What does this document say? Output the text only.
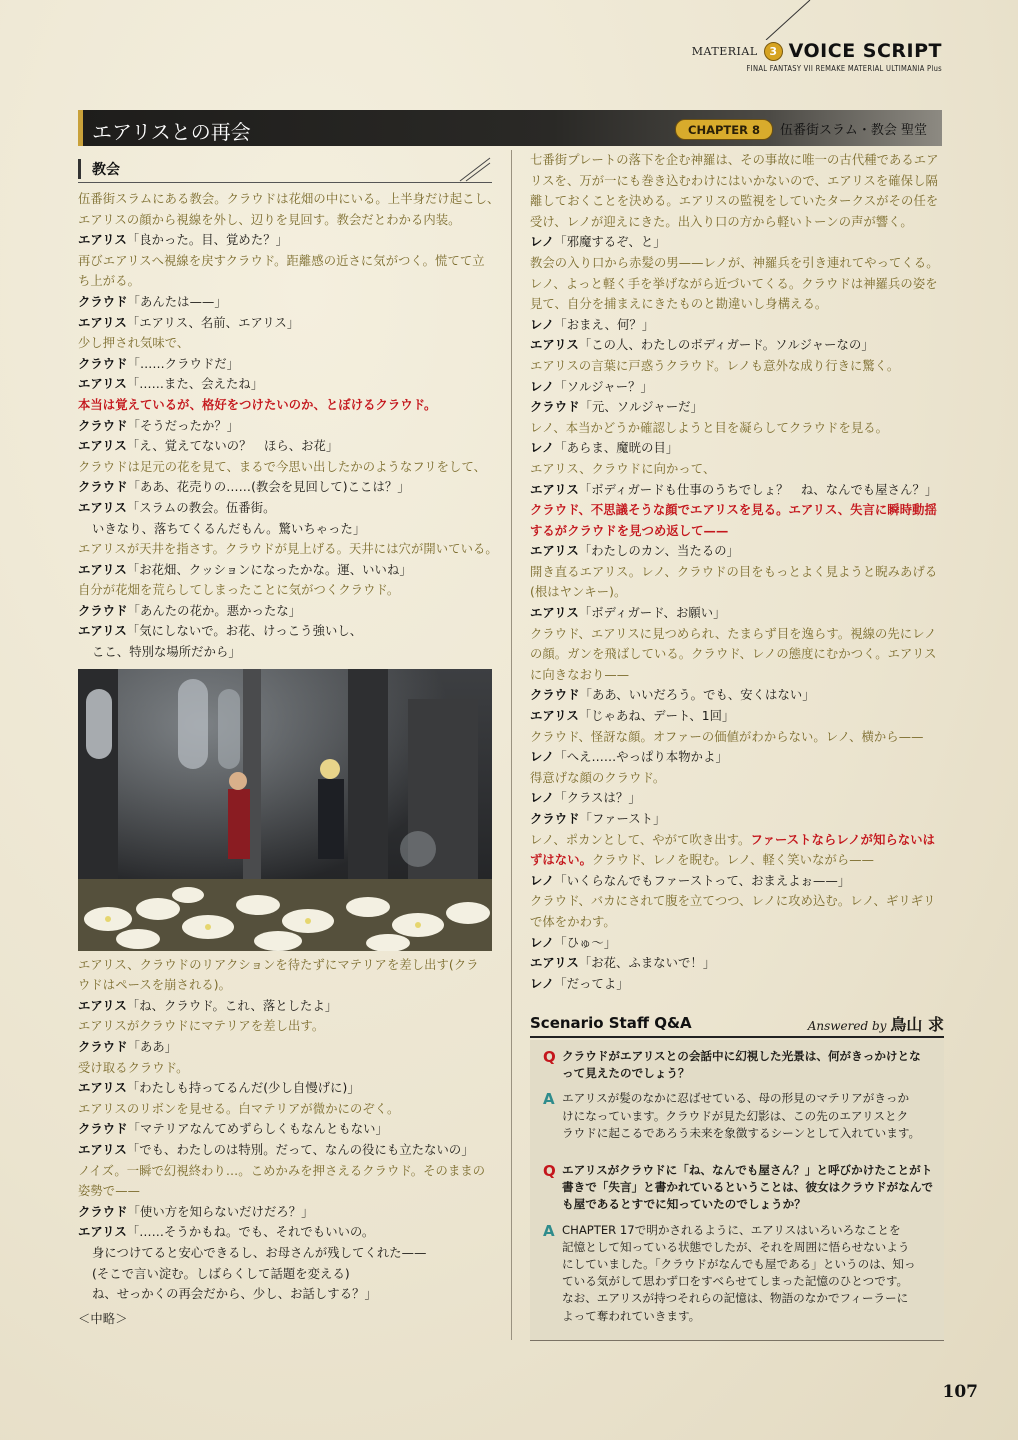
MATERIAL	3 VOICE SCRIPT
FINAL FANTASY VII REMAKE MATERIAL ULTIMANIA Plus
エアリスとの再会	CHAPTER 8	伍番街スラム・教会 聖堂
教会
伍番街スラムにある教会。クラウドは花畑の中にいる。上半身だけ起こし、
エアリスの顔から視線を外し、辺りを見回す。教会だとわかる内装。
エアリス「良かった。目、覚めた？」
再びエアリスへ視線を戻すクラウド。距離感の近さに気がつく。慌てて立
ち上がる。
クラウド「あんたは——」
エアリス「エアリス、名前、エアリス」
少し押され気味で、
クラウド「……クラウドだ」
エアリス「……また、会えたね」
本当は覚えているが、格好をつけたいのか、とぼけるクラウド。
クラウド「そうだったか？」
エアリス「え、覚えてないの？　ほら、お花」
クラウドは足元の花を見て、まるで今思い出したかのようなフリをして、
クラウド「ああ、花売りの……(教会を見回して)ここは？」
エアリス「スラムの教会。伍番街。
いきなり、落ちてくるんだもん。驚いちゃった」
エアリスが天井を指さす。クラウドが見上げる。天井には穴が開いている。
エアリス「お花畑、クッションになったかな。運、いいね」
自分が花畑を荒らしてしまったことに気がつくクラウド。
クラウド「あんたの花か。悪かったな」
エアリス「気にしないで。お花、けっこう強いし、
ここ、特別な場所だから」
エアリス、クラウドのリアクションを待たずにマテリアを差し出す(クラ
ウドはペースを崩される)。
エアリス「ね、クラウド。これ、落としたよ」
エアリスがクラウドにマテリアを差し出す。
クラウド「ああ」
受け取るクラウド。
エアリス「わたしも持ってるんだ(少し自慢げに)」
エアリスのリボンを見せる。白マテリアが微かにのぞく。
クラウド「マテリアなんてめずらしくもなんともない」
エアリス「でも、わたしのは特別。だって、なんの役にも立たないの」
ノイズ。一瞬で幻視終わり…。こめかみを押さえるクラウド。そのままの
姿勢で——
クラウド「使い方を知らないだけだろ？」
エアリス「……そうかもね。でも、それでもいいの。
身につけてると安心できるし、お母さんが残してくれた——
(そこで言い淀む。しばらくして話題を変える)
ね、せっかくの再会だから、少し、お話しする？」
＜中略＞
七番街プレートの落下を企む神羅は、その事故に唯一の古代種であるエア
リスを、万が一にも巻き込むわけにはいかないので、エアリスを確保し隔
離しておくことを決める。エアリスの監視をしていたタークスがその任を
受け、レノが迎えにきた。出入り口の方から軽いトーンの声が響く。
レノ「邪魔するぞ、と」
教会の入り口から赤髪の男——レノが、神羅兵を引き連れてやってくる。
レノ、よっと軽く手を挙げながら近づいてくる。クラウドは神羅兵の姿を
見て、自分を捕まえにきたものと勘違いし身構える。
レノ「おまえ、何？」
エアリス「この人、わたしのボディガード。ソルジャーなの」
エアリスの言葉に戸惑うクラウド。レノも意外な成り行きに驚く。
レノ「ソルジャー？」
クラウド「元、ソルジャーだ」
レノ、本当かどうか確認しようと目を凝らしてクラウドを見る。
レノ「あらま、魔晄の目」
エアリス、クラウドに向かって、
エアリス「ボディガードも仕事のうちでしょ？　ね、なんでも屋さん？」
クラウド、不思議そうな顔でエアリスを見る。エアリス、失言に瞬時動揺
するがクラウドを見つめ返して——
エアリス「わたしのカン、当たるの」
開き直るエアリス。レノ、クラウドの目をもっとよく見ようと睨みあげる
(根はヤンキー)。
エアリス「ボディガード、お願い」
クラウド、エアリスに見つめられ、たまらず目を逸らす。視線の先にレノ
の顔。ガンを飛ばしている。クラウド、レノの態度にむかつく。エアリス
に向きなおり——
クラウド「ああ、いいだろう。でも、安くはない」
エアリス「じゃあね、デート、1回」
クラウド、怪訝な顔。オファーの価値がわからない。レノ、横から——
レノ「へえ……やっぱり本物かよ」
得意げな顔のクラウド。
レノ「クラスは？」
クラウド「ファースト」
レノ、ポカンとして、やがて吹き出す。ファーストならレノが知らないは
ずはない。クラウド、レノを睨む。レノ、軽く笑いながら——
レノ「いくらなんでもファーストって、おまえよぉ——」
クラウド、バカにされて腹を立てつつ、レノに攻め込む。レノ、ギリギリ
で体をかわす。
レノ「ひゅ〜」
エアリス「お花、ふまないで！」
レノ「だってよ」
Scenario Staff Q&A	Answered by 鳥山 求
Q クラウドがエアリスとの会話中に幻視した光景は、何がきっかけとな
って見えたのでしょう？
A エアリスが髪のなかに忍ばせている、母の形見のマテリアがきっか
けになっています。クラウドが見た幻影は、この先のエアリスとク
ラウドに起こるであろう未来を象徴するシーンとして入れています。
Q エアリスがクラウドに「ね、なんでも屋さん？」と呼びかけたことがト
書きで「失言」と書かれているということは、彼女はクラウドがなんで
も屋であるとすでに知っていたのでしょうか？
A CHAPTER 17で明かされるように、エアリスはいろいろなことを
記憶として知っている状態でしたが、それを周囲に悟らせないよう
にしていました。「クラウドがなんでも屋である」というのは、知っ
ている気がして思わず口をすべらせてしまった記憶のひとつです。
なお、エアリスが持つそれらの記憶は、物語のなかでフィーラーに
よって奪われていきます。
107
